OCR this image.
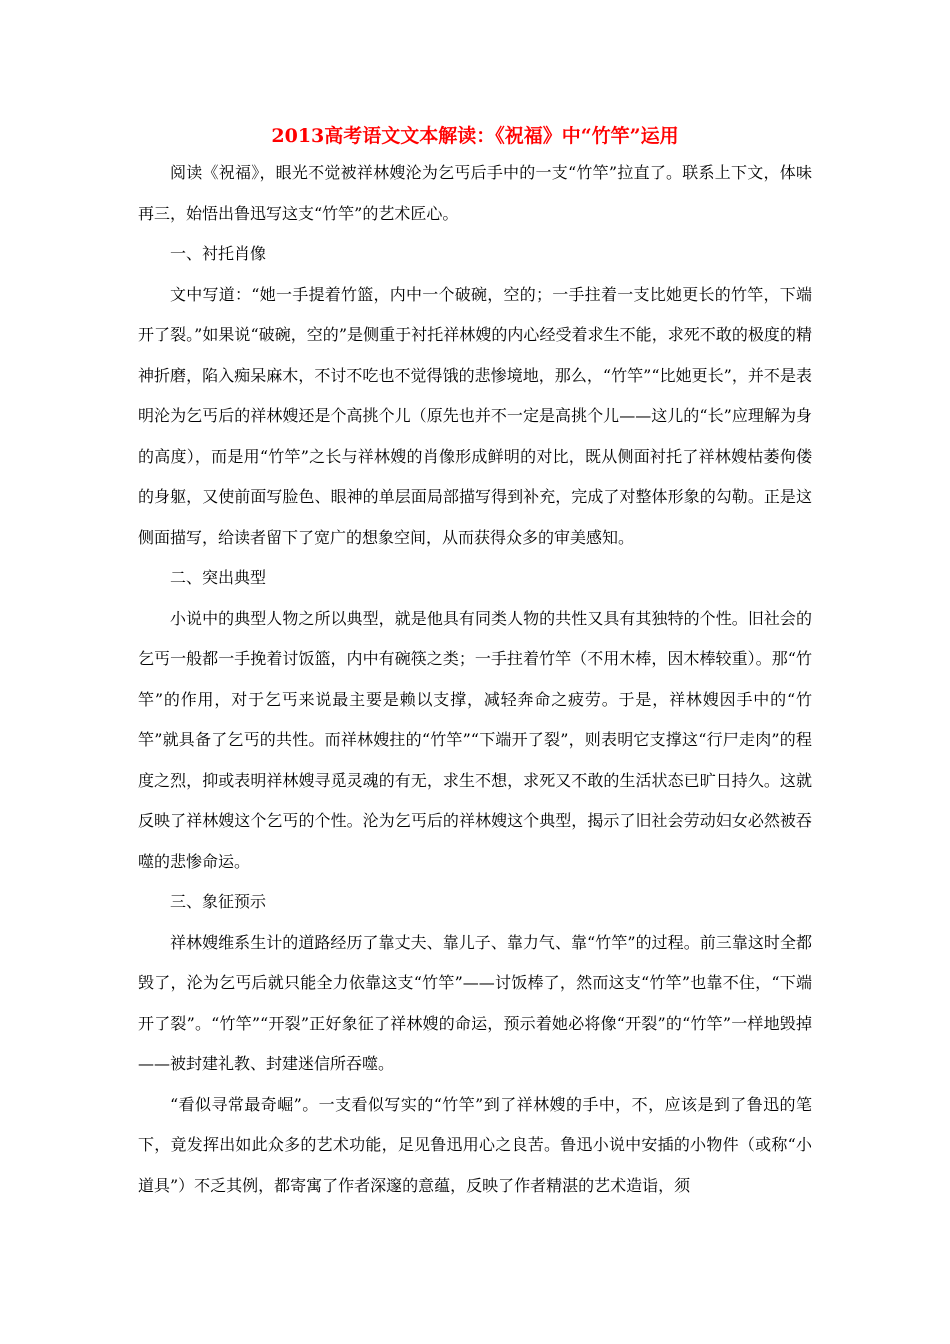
2013高考语文文本解读：《祝福》中“竹竿”运用

阅读《祝福》，眼光不觉被祥林嫂沦为乞丐后手中的一支“竹竿”拉直了。联系上下文，体味再三，始悟出鲁迅写这支“竹竿”的艺术匠心。

一、衬托肖像

文中写道：“她一手提着竹篮，内中一个破碗，空的；一手拄着一支比她更长的竹竿，下端开了裂。”如果说“破碗，空的”是侧重于衬托祥林嫂的内心经受着求生不能，求死不敢的极度的精神折磨，陷入痴呆麻木，不讨不吃也不觉得饿的悲惨境地，那么，“竹竿”“比她更长”，并不是表明沦为乞丐后的祥林嫂还是个高挑个儿（原先也并不一定是高挑个儿——这儿的“长”应理解为身的高度），而是用“竹竿”之长与祥林嫂的肖像形成鲜明的对比，既从侧面衬托了祥林嫂枯萎佝偻的身躯，又使前面写脸色、眼神的单层面局部描写得到补充，完成了对整体形象的勾勒。正是这侧面描写，给读者留下了宽广的想象空间，从而获得众多的审美感知。

二、突出典型

小说中的典型人物之所以典型，就是他具有同类人物的共性又具有其独特的个性。旧社会的乞丐一般都一手挽着讨饭篮，内中有碗筷之类；一手拄着竹竿（不用木棒，因木棒较重）。那“竹竿”的作用，对于乞丐来说最主要是赖以支撑，减轻奔命之疲劳。于是，祥林嫂因手中的“竹竿”就具备了乞丐的共性。而祥林嫂拄的“竹竿”“下端开了裂”，则表明它支撑这“行尸走肉”的程度之烈，抑或表明祥林嫂寻觅灵魂的有无，求生不想，求死又不敢的生活状态已旷日持久。这就反映了祥林嫂这个乞丐的个性。沦为乞丐后的祥林嫂这个典型，揭示了旧社会劳动妇女必然被吞噬的悲惨命运。

三、象征预示

祥林嫂维系生计的道路经历了靠丈夫、靠儿子、靠力气、靠“竹竿”的过程。前三靠这时全都毁了，沦为乞丐后就只能全力依靠这支“竹竿”——讨饭棒了，然而这支“竹竿”也靠不住，“下端开了裂”。“竹竿”“开裂”正好象征了祥林嫂的命运，预示着她必将像“开裂”的“竹竿”一样地毁掉——被封建礼教、封建迷信所吞噬。

“看似寻常最奇崛”。一支看似写实的“竹竿”到了祥林嫂的手中，不，应该是到了鲁迅的笔下，竟发挥出如此众多的艺术功能，足见鲁迅用心之良苦。鲁迅小说中安插的小物件（或称“小道具”）不乏其例，都寄寓了作者深邃的意蕴，反映了作者精湛的艺术造诣，须
